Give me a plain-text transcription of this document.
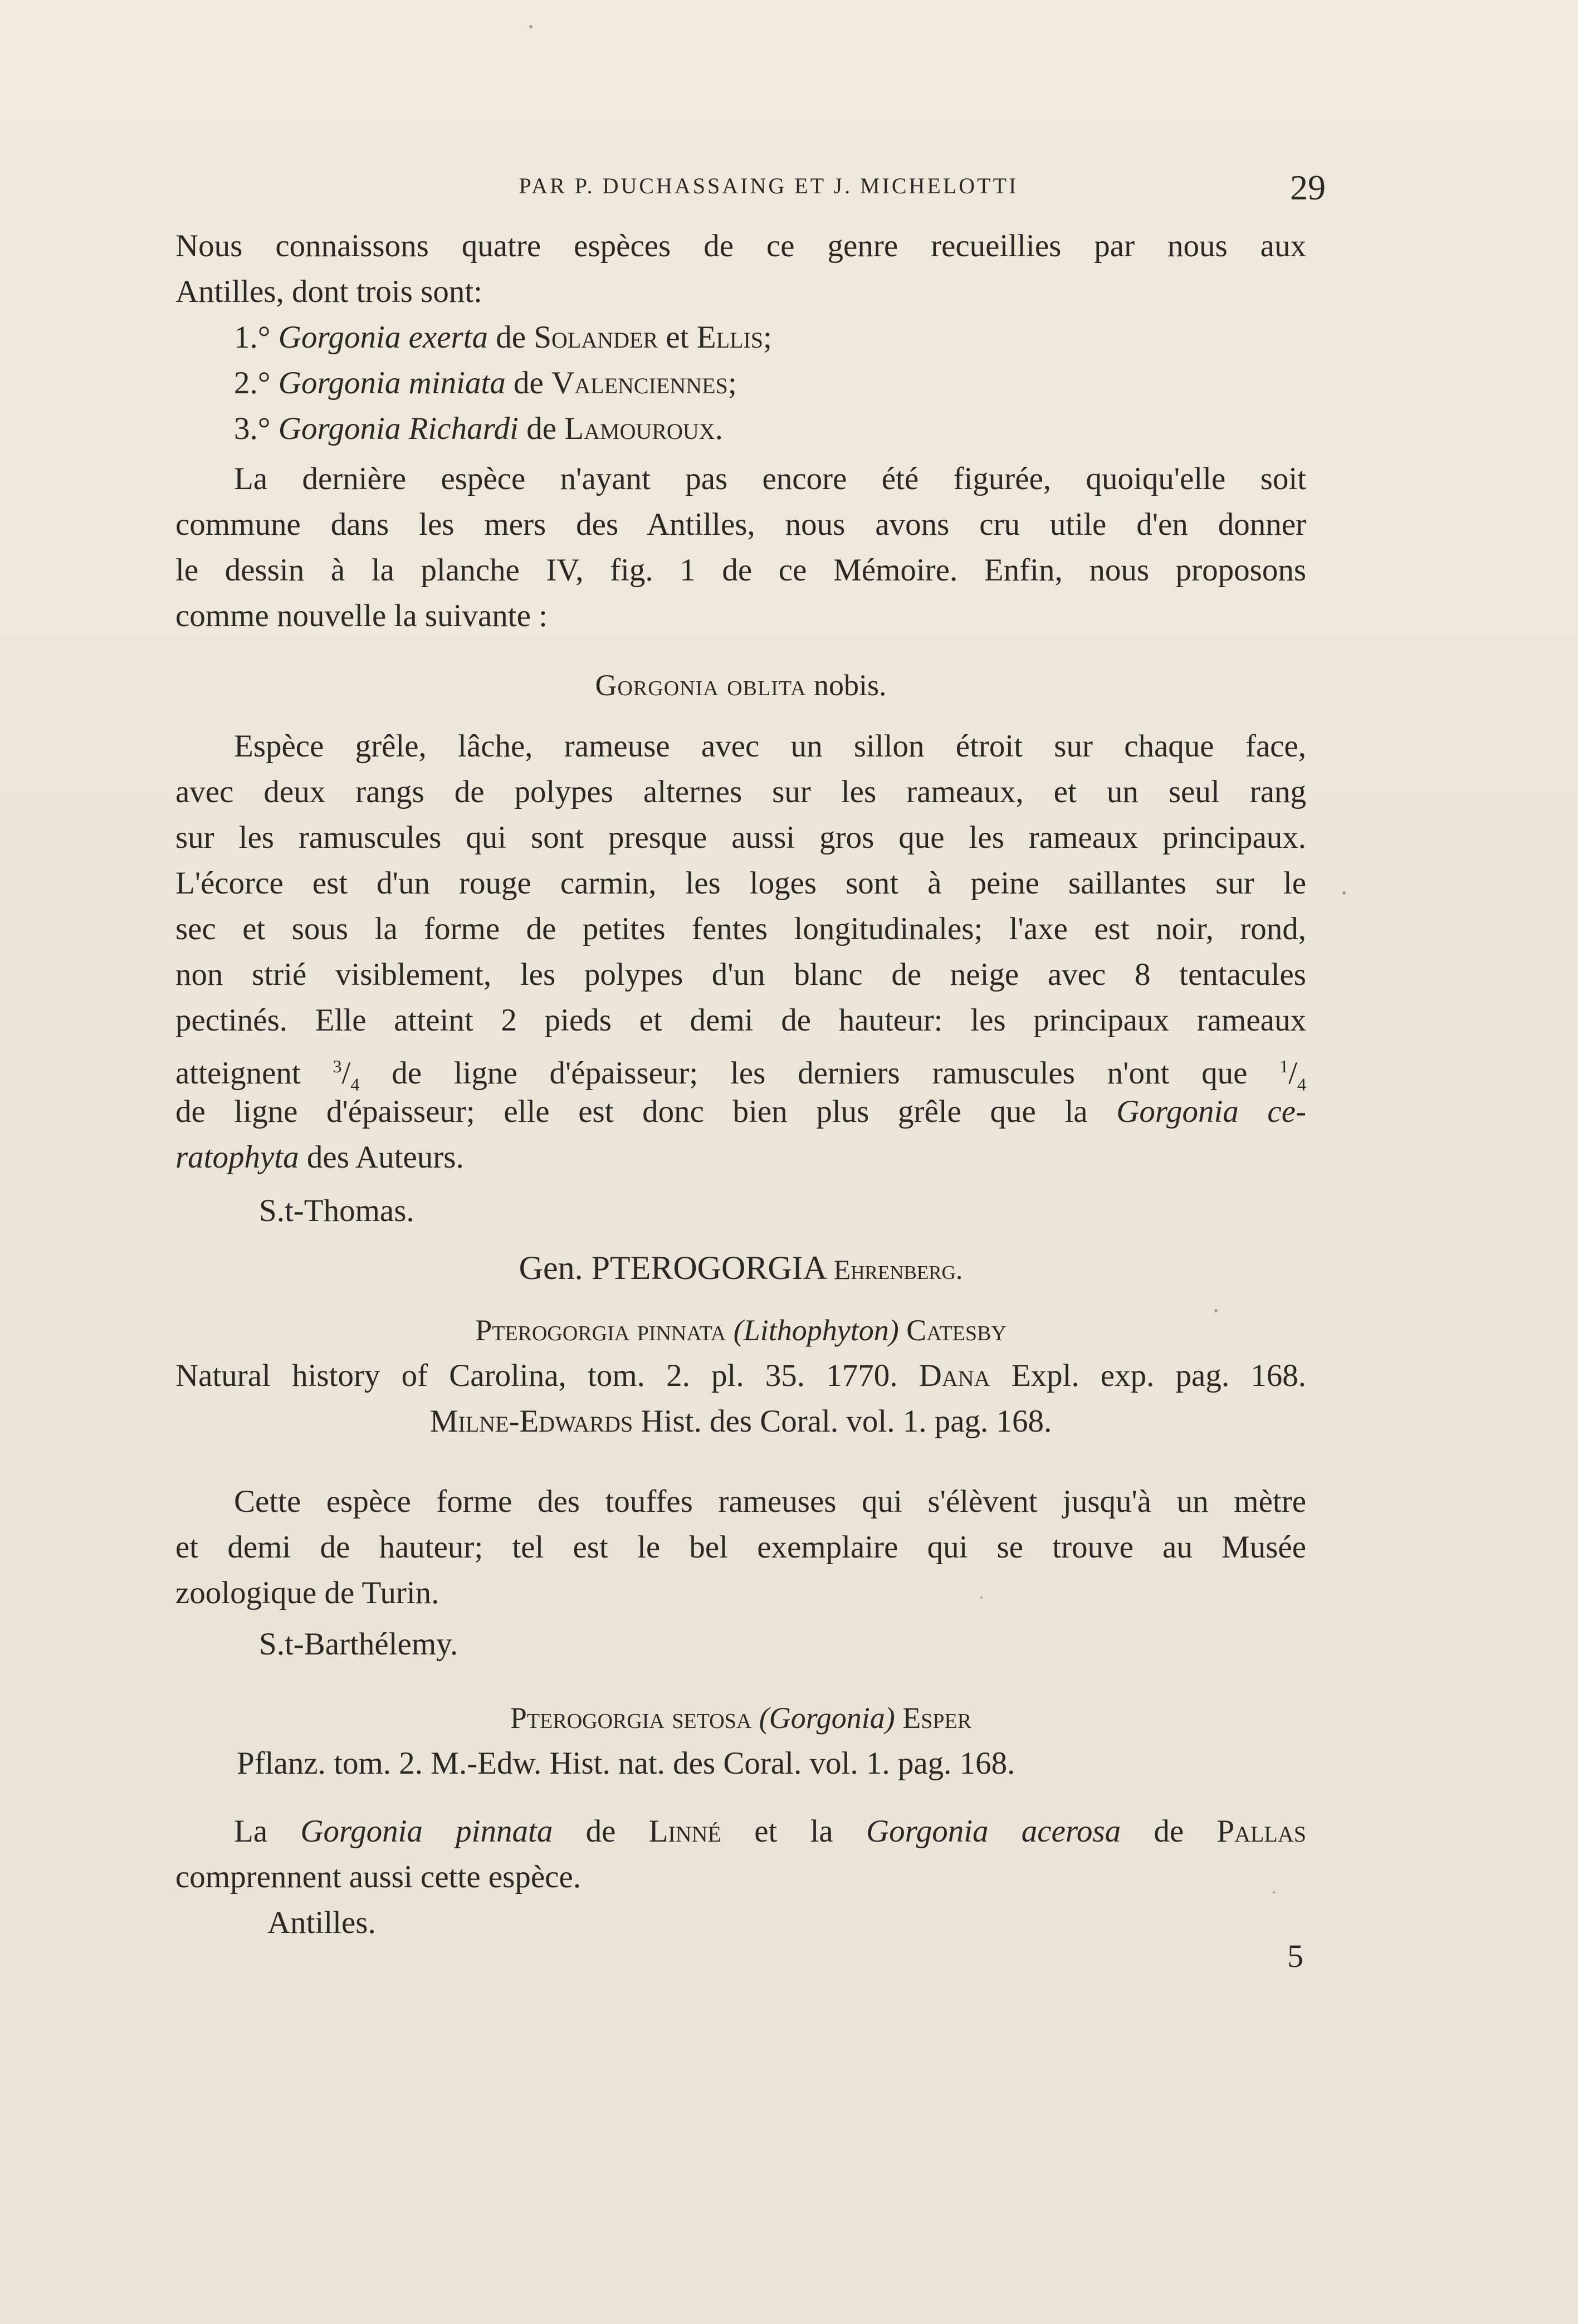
PAR P. DUCHASSAING ET J. MICHELOTTI	29
Nous connaissons quatre espèces de ce genre recueillies par nous aux
Antilles, dont trois sont:
1.° Gorgonia exerta de Solander et Ellis;
2.° Gorgonia miniata de Valenciennes;
3.° Gorgonia Richardi de Lamouroux.
La dernière espèce n'ayant pas encore été figurée, quoiqu'elle soit
commune dans les mers des Antilles, nous avons cru utile d'en donner
le dessin à la planche IV, fig. 1 de ce Mémoire. Enfin, nous proposons
comme nouvelle la suivante :
Gorgonia oblita nobis.
Espèce grêle, lâche, rameuse avec un sillon étroit sur chaque face,
avec deux rangs de polypes alternes sur les rameaux, et un seul rang
sur les ramuscules qui sont presque aussi gros que les rameaux principaux.
L'écorce est d'un rouge carmin, les loges sont à peine saillantes sur le
sec et sous la forme de petites fentes longitudinales; l'axe est noir, rond,
non strié visiblement, les polypes d'un blanc de neige avec 8 tentacules
pectinés. Elle atteint 2 pieds et demi de hauteur: les principaux rameaux
atteignent $^3/_4$ de ligne d'épaisseur; les derniers ramuscules n'ont que $^1/_4$
de ligne d'épaisseur; elle est donc bien plus grêle que la Gorgonia ce-
ratophyta des Auteurs.
S.t-Thomas.
Gen. PTEROGORGIA Ehrenberg.
Pterogorgia pinnata (Lithophyton) Catesby
Natural history of Carolina, tom. 2. pl. 35. 1770. Dana Expl. exp. pag. 168.
Milne-Edwards Hist. des Coral. vol. 1. pag. 168.
Cette espèce forme des touffes rameuses qui s'élèvent jusqu'à un mètre
et demi de hauteur; tel est le bel exemplaire qui se trouve au Musée
zoologique de Turin.
S.t-Barthélemy.
Pterogorgia setosa (Gorgonia) Esper
Pflanz. tom. 2. M.-Edw. Hist. nat. des Coral. vol. 1. pag. 168.
La Gorgonia pinnata de Linné et la Gorgonia acerosa de Pallas
comprennent aussi cette espèce.
Antilles.
5
